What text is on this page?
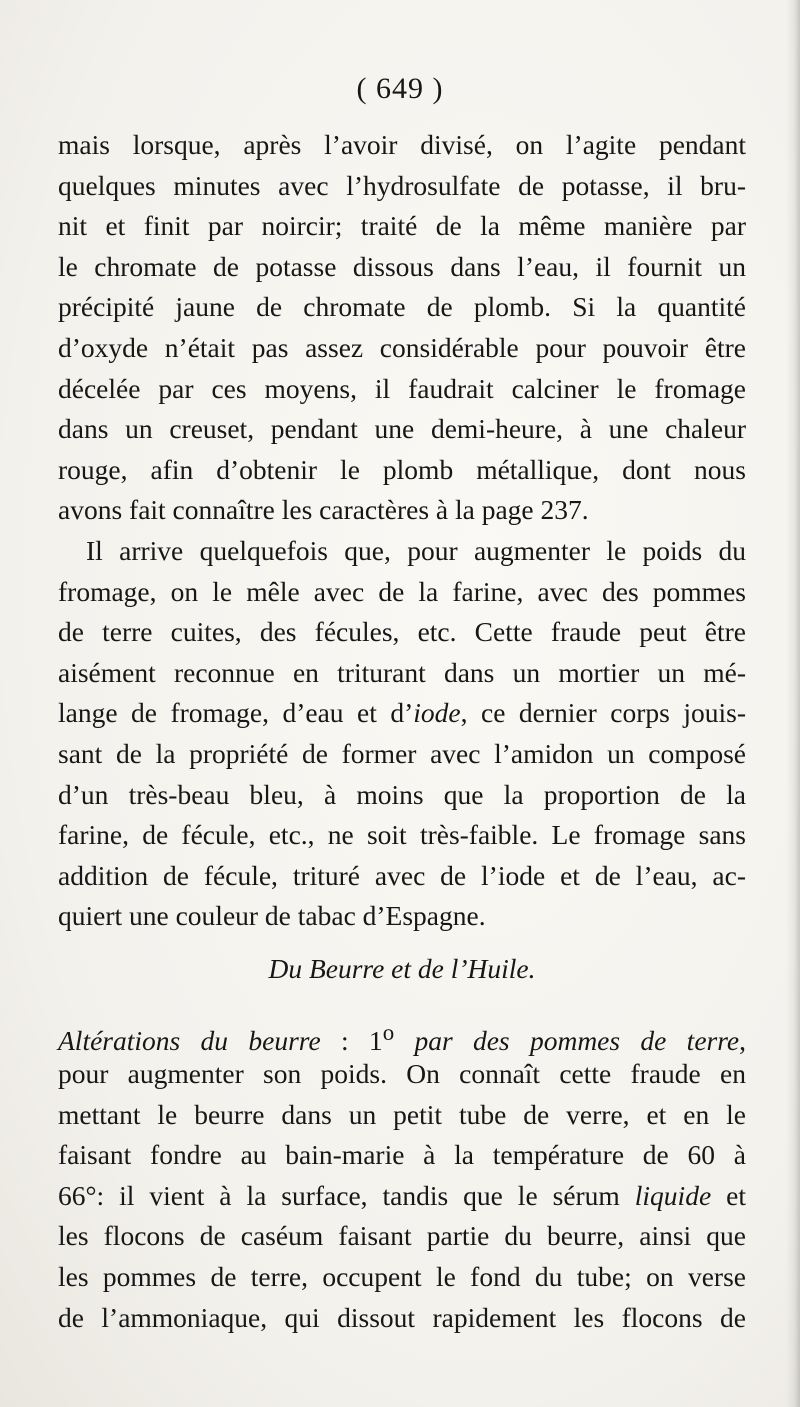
( 649 )
mais lorsque, après l’avoir divisé, on l’agite pendant
quelques minutes avec l’hydrosulfate de potasse, il bru-
nit et finit par noircir; traité de la même manière par
le chromate de potasse dissous dans l’eau, il fournit un
précipité jaune de chromate de plomb. Si la quantité
d’oxyde n’était pas assez considérable pour pouvoir être
décelée par ces moyens, il faudrait calciner le fromage
dans un creuset, pendant une demi-heure, à une chaleur
rouge, afin d’obtenir le plomb métallique, dont nous
avons fait connaître les caractères à la page 237.
Il arrive quelquefois que, pour augmenter le poids du
fromage, on le mêle avec de la farine, avec des pommes
de terre cuites, des fécules, etc. Cette fraude peut être
aisément reconnue en triturant dans un mortier un mé-
lange de fromage, d’eau et d’iode, ce dernier corps jouis-
sant de la propriété de former avec l’amidon un composé
d’un très-beau bleu, à moins que la proportion de la
farine, de fécule, etc., ne soit très-faible. Le fromage sans
addition de fécule, trituré avec de l’iode et de l’eau, ac-
quiert une couleur de tabac d’Espagne.
Du Beurre et de l’Huile.
Altérations du beurre : 1$^o$ par des pommes de terre,
pour augmenter son poids. On connaît cette fraude en
mettant le beurre dans un petit tube de verre, et en le
faisant fondre au bain-marie à la température de 60 à
66°: il vient à la surface, tandis que le sérum liquide et
les flocons de caséum faisant partie du beurre, ainsi que
les pommes de terre, occupent le fond du tube; on verse
de l’ammoniaque, qui dissout rapidement les flocons de
